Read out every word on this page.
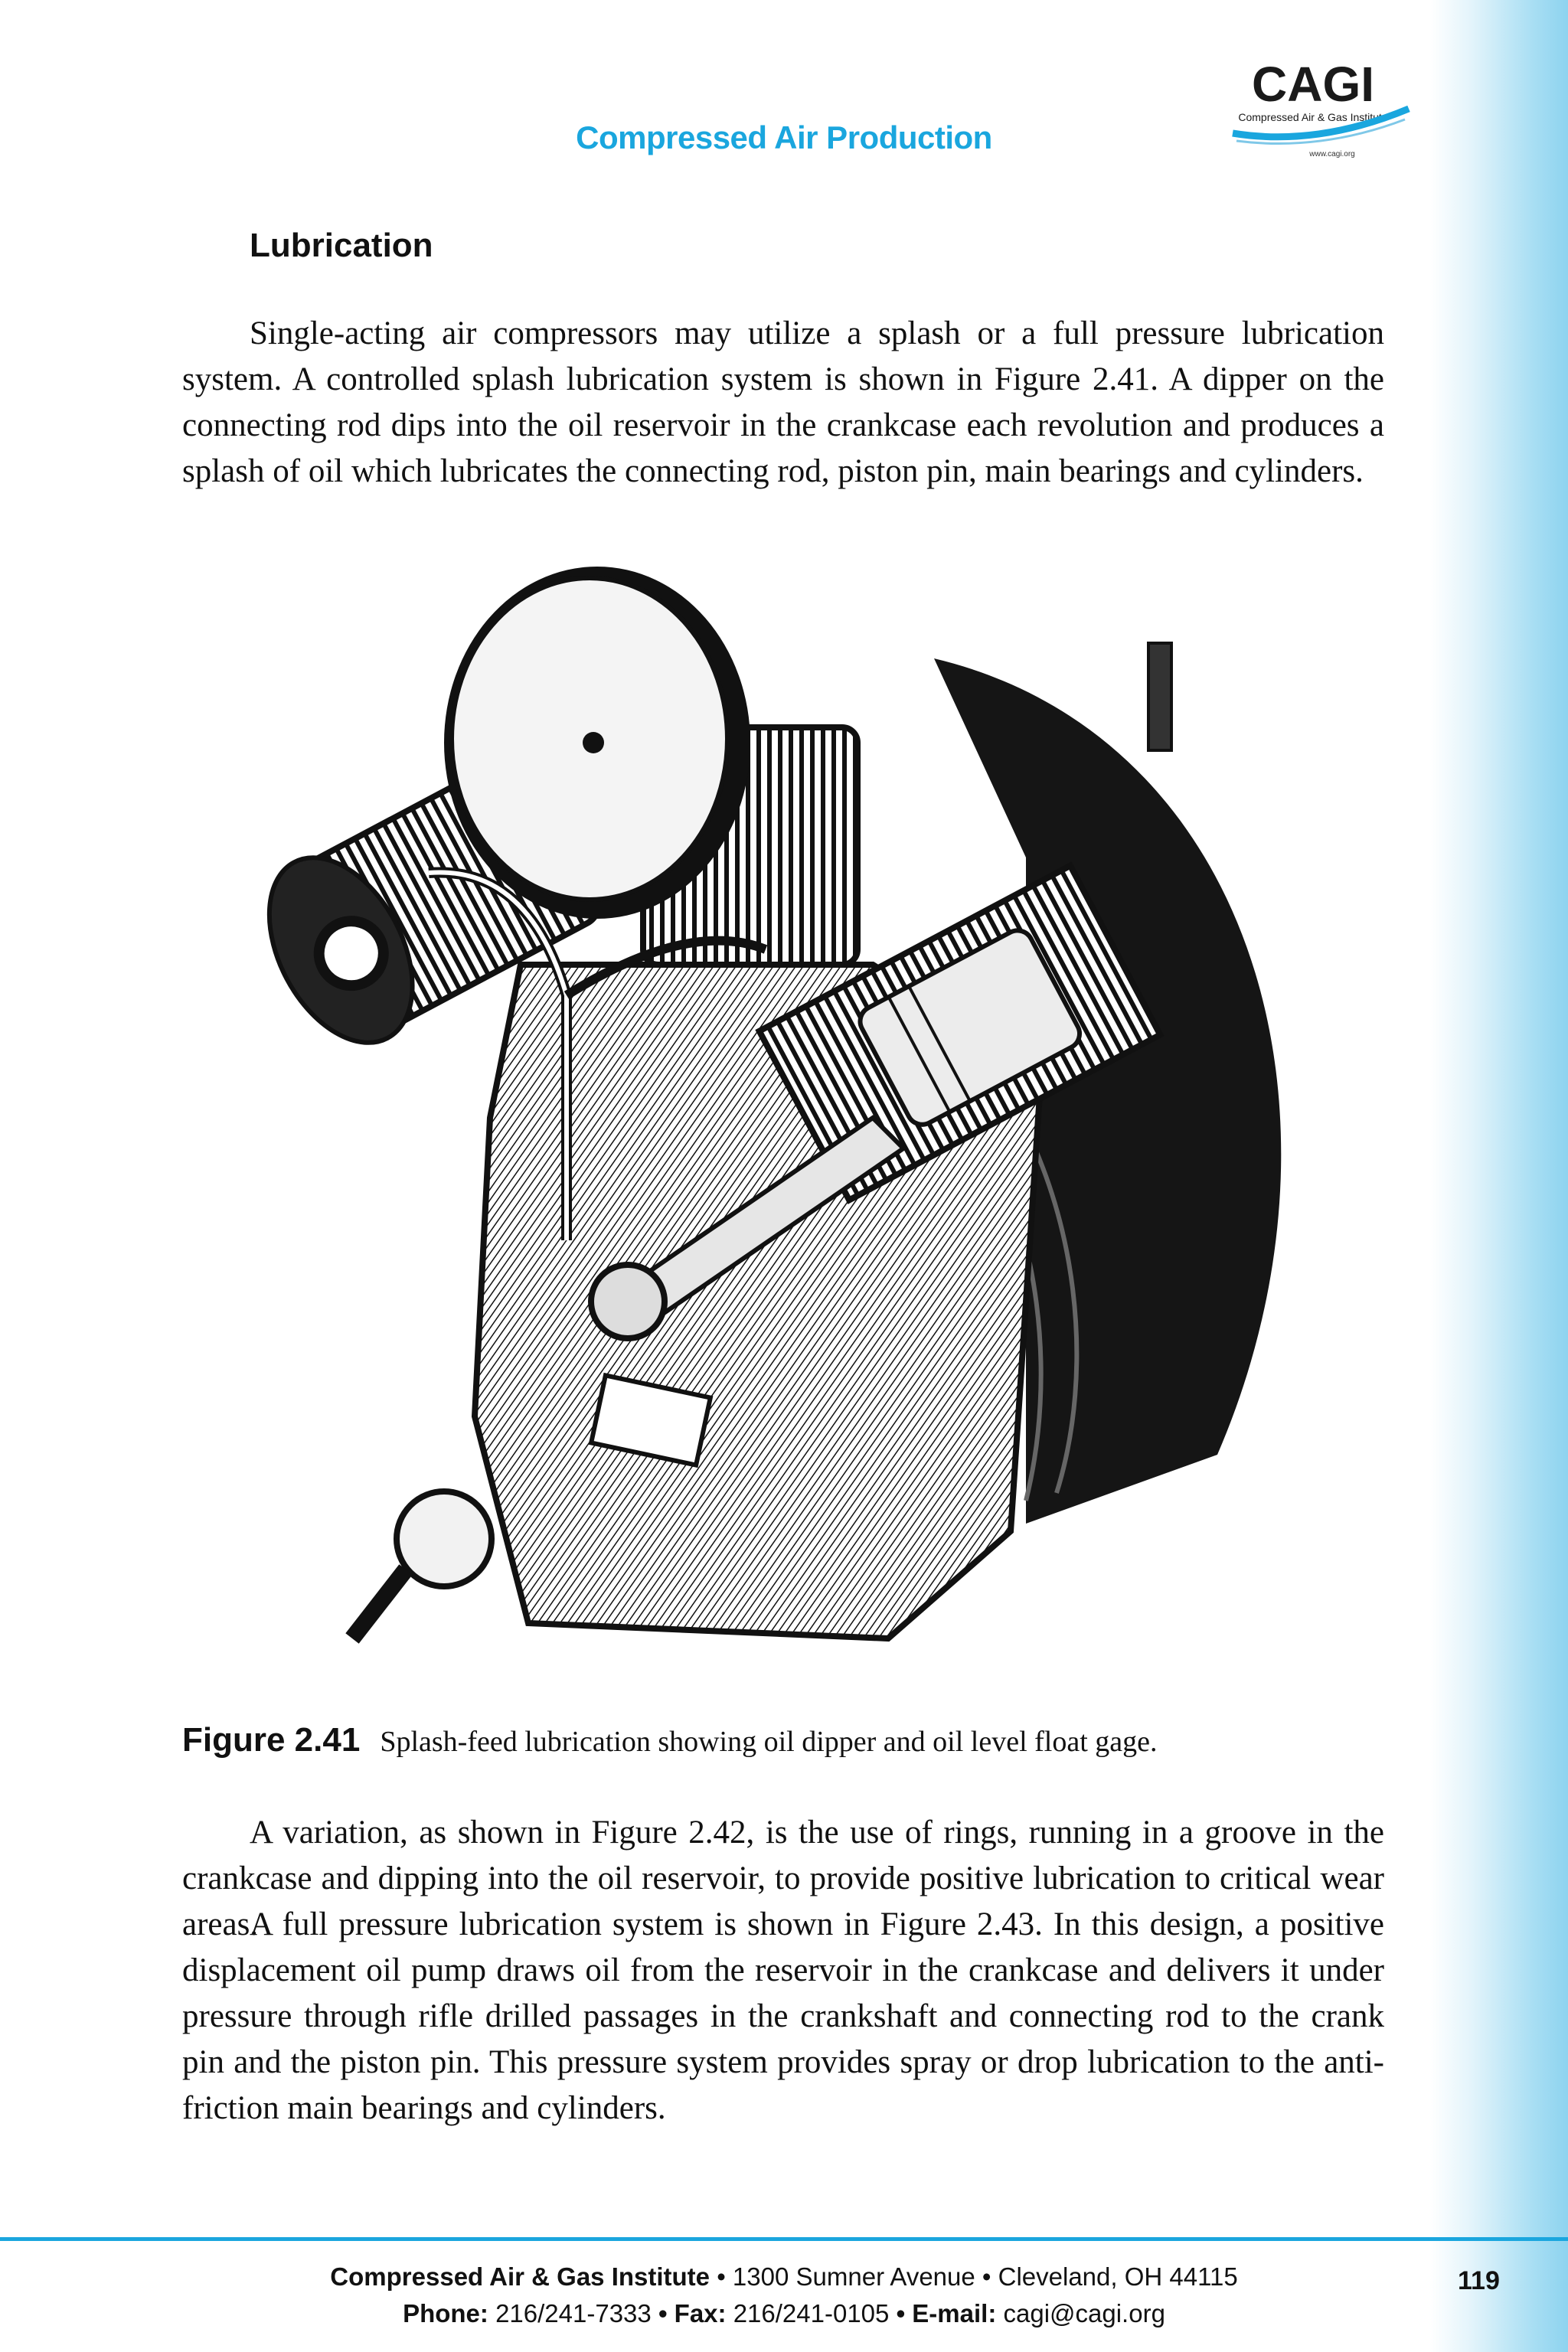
Compressed Air Production
CAGI
Compressed Air & Gas Institute
www.cagi.org
Lubrication

Single-acting air compressors may utilize a splash or a full pressure lubrication system. A controlled splash lubrication system is shown in Figure 2.41. A dipper on the connecting rod dips into the oil reservoir in the crankcase each revolution and produces a splash of oil which lubricates the connecting rod, piston pin, main bearings and cylinders.

Figure 2.41 Splash-feed lubrication showing oil dipper and oil level float gage.

A variation, as shown in Figure 2.42, is the use of rings, running in a groove in the crankcase and dipping into the oil reservoir, to provide positive lubrication to critical wear areas.

A full pressure lubrication system is shown in Figure 2.43. In this design, a positive displacement oil pump draws oil from the reservoir in the crankcase and delivers it under pressure through rifle drilled passages in the crankshaft and connecting rod to the crank pin and the piston pin. This pressure system provides spray or drop lubrication to the anti-friction main bearings and cylinders.

Compressed Air & Gas Institute • 1300 Sumner Avenue • Cleveland, OH 44115
Phone: 216/241-7333 • Fax: 216/241-0105 • E-mail: cagi@cagi.org
119
